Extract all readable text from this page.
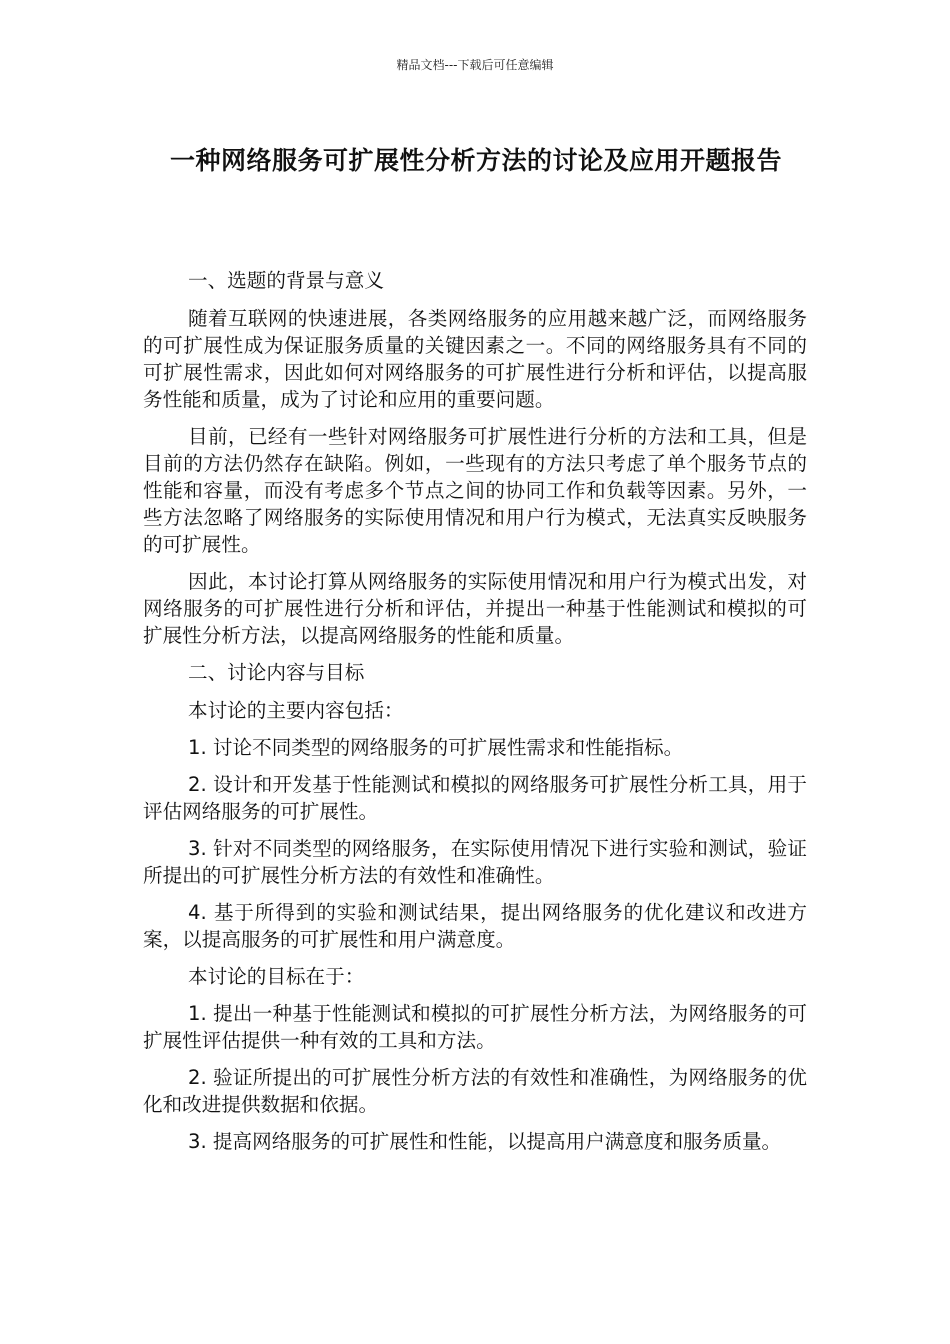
精品文档---下载后可任意编辑
一种网络服务可扩展性分析方法的讨论及应用开题报告

一、选题的背景与意义

随着互联网的快速进展，各类网络服务的应用越来越广泛，而网络服务的可扩展性成为保证服务质量的关键因素之一。不同的网络服务具有不同的可扩展性需求，因此如何对网络服务的可扩展性进行分析和评估，以提高服务性能和质量，成为了讨论和应用的重要问题。

目前，已经有一些针对网络服务可扩展性进行分析的方法和工具，但是目前的方法仍然存在缺陷。例如，一些现有的方法只考虑了单个服务节点的性能和容量，而没有考虑多个节点之间的协同工作和负载等因素。另外，一些方法忽略了网络服务的实际使用情况和用户行为模式，无法真实反映服务的可扩展性。

因此，本讨论打算从网络服务的实际使用情况和用户行为模式出发，对网络服务的可扩展性进行分析和评估，并提出一种基于性能测试和模拟的可扩展性分析方法，以提高网络服务的性能和质量。

二、讨论内容与目标

本讨论的主要内容包括：

1. 讨论不同类型的网络服务的可扩展性需求和性能指标。

2. 设计和开发基于性能测试和模拟的网络服务可扩展性分析工具，用于评估网络服务的可扩展性。

3. 针对不同类型的网络服务，在实际使用情况下进行实验和测试，验证所提出的可扩展性分析方法的有效性和准确性。

4. 基于所得到的实验和测试结果，提出网络服务的优化建议和改进方案，以提高服务的可扩展性和用户满意度。

本讨论的目标在于：

1. 提出一种基于性能测试和模拟的可扩展性分析方法，为网络服务的可扩展性评估提供一种有效的工具和方法。

2. 验证所提出的可扩展性分析方法的有效性和准确性，为网络服务的优化和改进提供数据和依据。

3. 提高网络服务的可扩展性和性能，以提高用户满意度和服务质量。
